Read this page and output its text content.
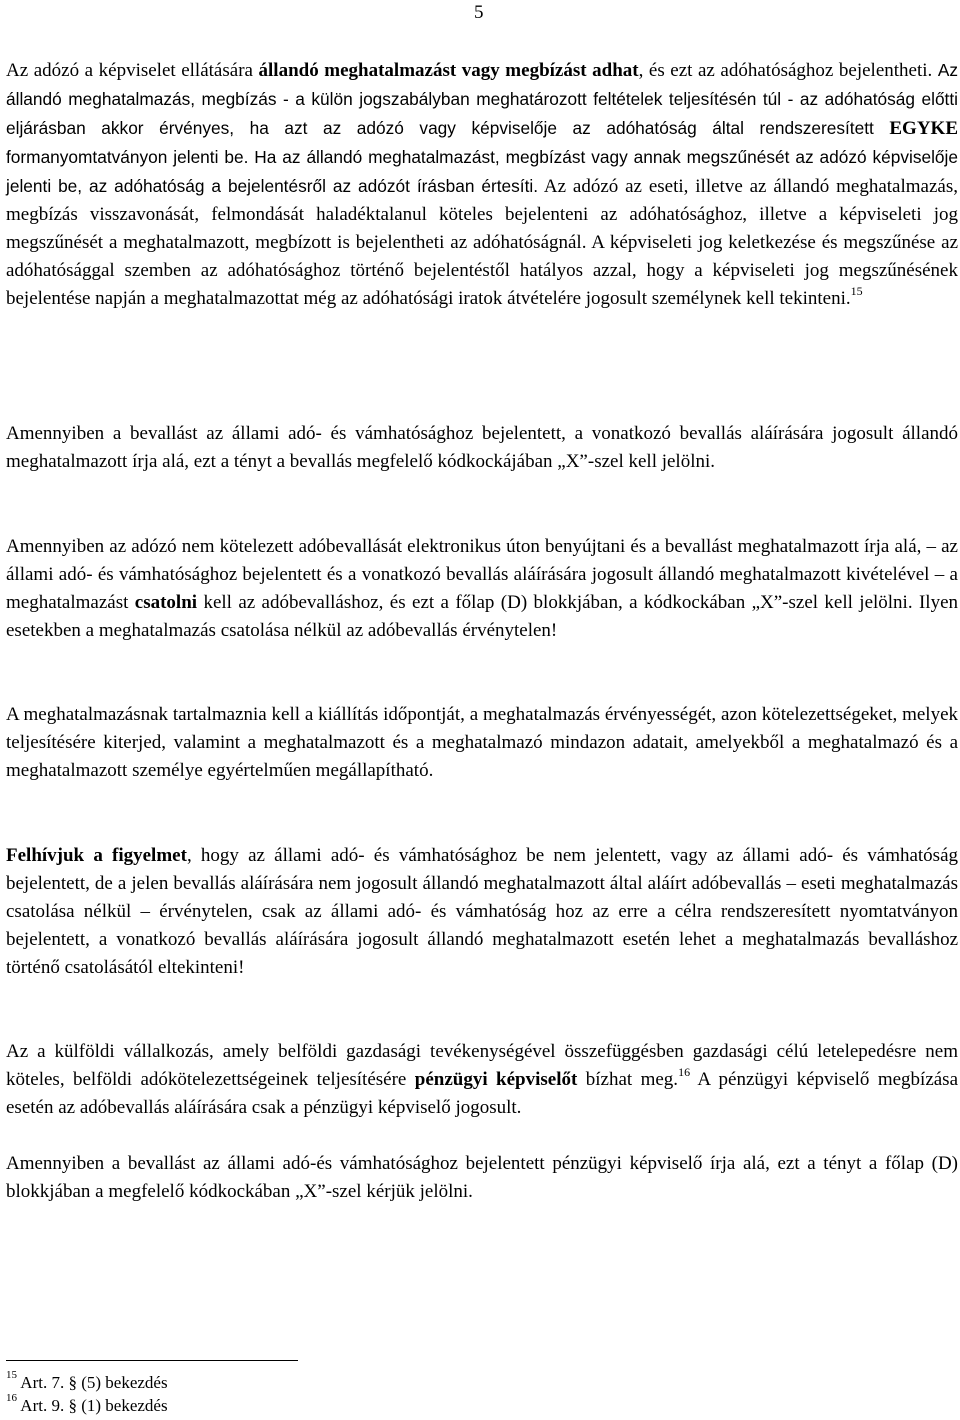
5

Az adózó a képviselet ellátására állandó meghatalmazást vagy megbízást adhat, és ezt az adóhatósághoz bejelentheti. Az állandó meghatalmazás, megbízás - a külön jogszabályban meghatározott feltételek teljesítésén túl - az adóhatóság előtti eljárásban akkor érvényes, ha azt az adózó vagy képviselője az adóhatóság által rendszeresített EGYKE formanyomtatványon jelenti be. Ha az állandó meghatalmazást, megbízást vagy annak megszűnését az adózó képviselője jelenti be, az adóhatóság a bejelentésről az adózót írásban értesíti. Az adózó az eseti, illetve az állandó meghatalmazás, megbízás visszavonását, felmondását haladéktalanul köteles bejelenteni az adóhatósághoz, illetve a képviseleti jog megszűnését a meghatalmazott, megbízott is bejelentheti az adóhatóságnál. A képviseleti jog keletkezése és megszűnése az adóhatósággal szemben az adóhatósághoz történő bejelentéstől hatályos azzal, hogy a képviseleti jog megszűnésének bejelentése napján a meghatalmazottat még az adóhatósági iratok átvételére jogosult személynek kell tekinteni.$^{15}$

Amennyiben a bevallást az állami adó- és vámhatósághoz bejelentett, a vonatkozó bevallás aláírására jogosult állandó meghatalmazott írja alá, ezt a tényt a bevallás megfelelő kódkockájában „X”-szel kell jelölni.

Amennyiben az adózó nem kötelezett adóbevallását elektronikus úton benyújtani és a bevallást meghatalmazott írja alá, – az állami adó- és vámhatósághoz bejelentett és a vonatkozó bevallás aláírására jogosult állandó meghatalmazott kivételével – a meghatalmazást csatolni kell az adóbevalláshoz, és ezt a főlap (D) blokkjában, a kódkockában „X”-szel kell jelölni. Ilyen esetekben a meghatalmazás csatolása nélkül az adóbevallás érvénytelen!

A meghatalmazásnak tartalmaznia kell a kiállítás időpontját, a meghatalmazás érvényességét, azon kötelezettségeket, melyek teljesítésére kiterjed, valamint a meghatalmazott és a meghatalmazó mindazon adatait, amelyekből a meghatalmazó és a meghatalmazott személye egyértelműen megállapítható.

Felhívjuk a figyelmet, hogy az állami adó- és vámhatósághoz be nem jelentett, vagy az állami adó- és vámhatóság bejelentett, de a jelen bevallás aláírására nem jogosult állandó meghatalmazott által aláírt adóbevallás – eseti meghatalmazás csatolása nélkül – érvénytelen, csak az állami adó- és vámhatóság hoz az erre a célra rendszeresített nyomtatványon bejelentett, a vonatkozó bevallás aláírására jogosult állandó meghatalmazott esetén lehet a meghatalmazás bevalláshoz történő csatolásától eltekinteni!

Az a külföldi vállalkozás, amely belföldi gazdasági tevékenységével összefüggésben gazdasági célú letelepedésre nem köteles, belföldi adókötelezettségeinek teljesítésére pénzügyi képviselőt bízhat meg.$^{16}$ A pénzügyi képviselő megbízása esetén az adóbevallás aláírására csak a pénzügyi képviselő jogosult.

Amennyiben a bevallást az állami adó-és vámhatósághoz bejelentett pénzügyi képviselő írja alá, ezt a tényt a főlap (D) blokkjában a megfelelő kódkockában „X”-szel kérjük jelölni.

$^{15}$ Art. 7. § (5) bekezdés

$^{16}$ Art. 9. § (1) bekezdés
